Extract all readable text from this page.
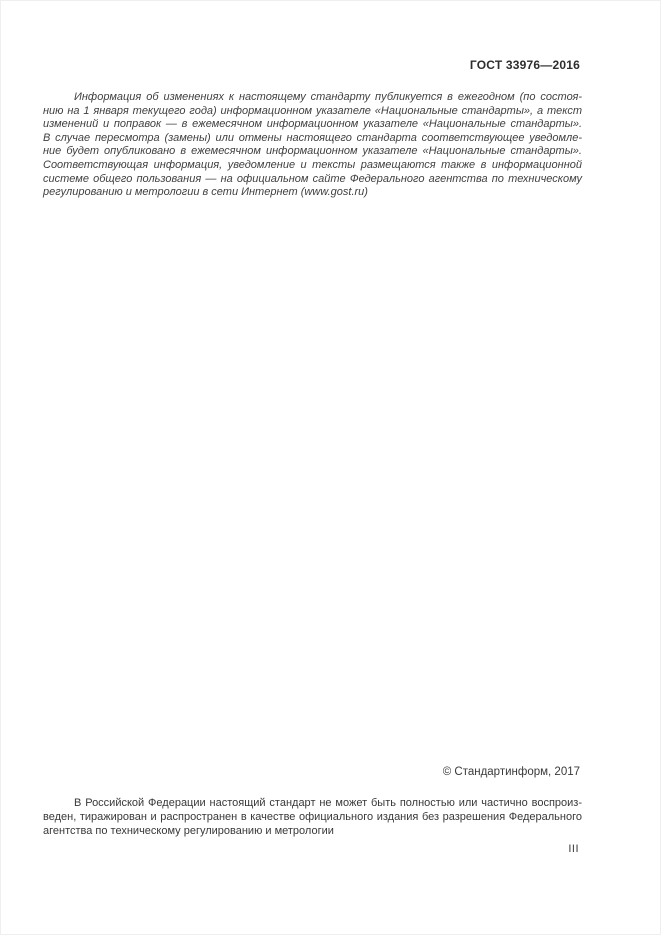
ГОСТ 33976—2016
Информация об изменениях к настоящему стандарту публикуется в ежегодном (по состоя-
нию на 1 января текущего года) информационном указателе «Национальные стандарты», а текст
изменений и поправок — в ежемесячном информационном указателе «Национальные стандарты».
В случае пересмотра (замены) или отмены настоящего стандарта соответствующее уведомле-
ние будет опубликовано в ежемесячном информационном указателе «Национальные стандарты».
Соответствующая информация, уведомление и тексты размещаются также в информационной
системе общего пользования — на официальном сайте Федерального агентства по техническому
регулированию и метрологии в сети Интернет (www.gost.ru)
© Стандартинформ, 2017
В Российской Федерации настоящий стандарт не может быть полностью или частично воспроиз-
веден, тиражирован и распространен в качестве официального издания без разрешения Федерального
агентства по техническому регулированию и метрологии
III
